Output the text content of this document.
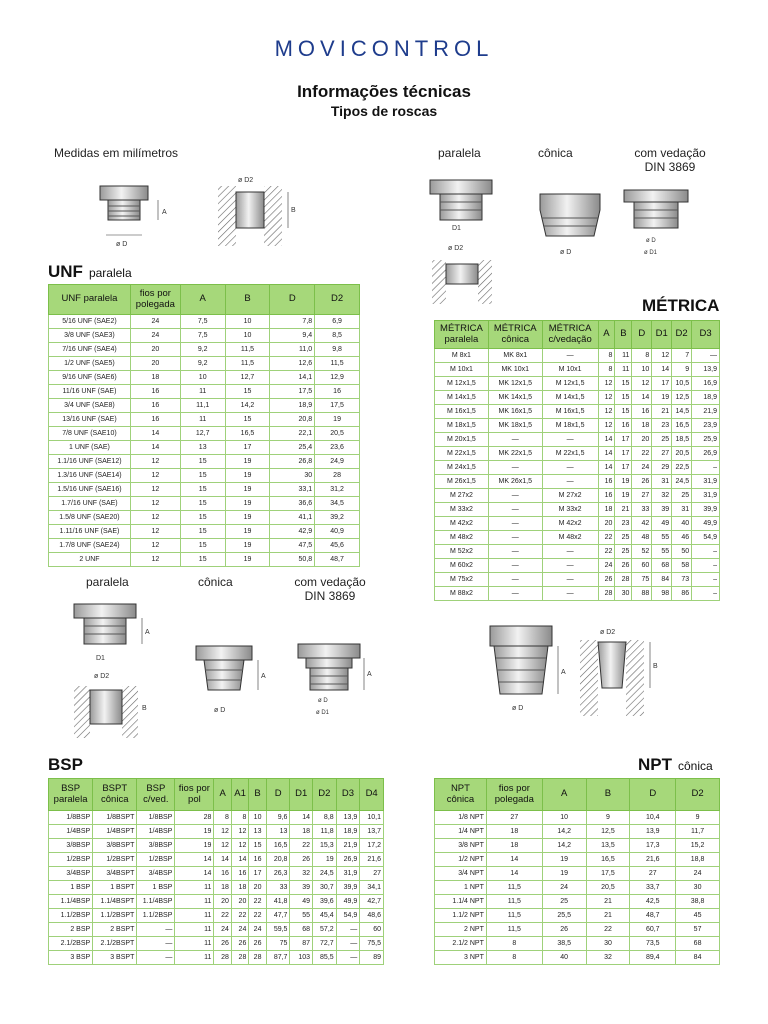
MOVICONTROL
Informações técnicas
Tipos de roscas
Medidas em milímetros	paralela	cônica	com vedação
DIN 3869
ø D
A
ø D2
B
D1
ø D2
ø D
ø D
ø D1
UNF paralela
UNF paralela	fios por polegada	A	B	D	D2
5/16 UNF (SAE2)	24	7,5	10	7,8	6,9
3/8 UNF (SAE3)	24	7,5	10	9,4	8,5
7/16 UNF (SAE4)	20	9,2	11,5	11,0	9,8
1/2 UNF (SAE5)	20	9,2	11,5	12,6	11,5
9/16 UNF (SAE6)	18	10	12,7	14,1	12,9
11/16 UNF (SAE)	16	11	15	17,5	16
3/4 UNF (SAE8)	16	11,1	14,2	18,9	17,5
13/16 UNF (SAE)	16	11	15	20,8	19
7/8 UNF (SAE10)	14	12,7	16,5	22,1	20,5
1 UNF (SAE)	14	13	17	25,4	23,6
1.1/16 UNF (SAE12)	12	15	19	26,8	24,9
1.3/16 UNF (SAE14)	12	15	19	30	28
1.5/16 UNF (SAE16)	12	15	19	33,1	31,2
1.7/16 UNF (SAE)	12	15	19	36,6	34,5
1.5/8 UNF (SAE20)	12	15	19	41,1	39,2
1.11/16 UNF (SAE)	12	15	19	42,9	40,9
1.7/8 UNF (SAE24)	12	15	19	47,5	45,6
2 UNF	12	15	19	50,8	48,7
MÉTRICA
MÉTRICA paralela	MÉTRICA cônica	MÉTRICA c/vedação	A	B	D	D1	D2	D3
M 8x1	MK 8x1	—	8	11	8	12	7	—
M 10x1	MK 10x1	M 10x1	8	11	10	14	9	13,9
M 12x1,5	MK 12x1,5	M 12x1,5	12	15	12	17	10,5	16,9
M 14x1,5	MK 14x1,5	M 14x1,5	12	15	14	19	12,5	18,9
M 16x1,5	MK 16x1,5	M 16x1,5	12	15	16	21	14,5	21,9
M 18x1,5	MK 18x1,5	M 18x1,5	12	16	18	23	16,5	23,9
M 20x1,5	—	—	14	17	20	25	18,5	25,9
M 22x1,5	MK 22x1,5	M 22x1,5	14	17	22	27	20,5	26,9
M 24x1,5	—	—	14	17	24	29	22,5	–
M 26x1,5	MK 26x1,5	—	16	19	26	31	24,5	31,9
M 27x2	—	M 27x2	16	19	27	32	25	31,9
M 33x2	—	M 33x2	18	21	33	39	31	39,9
M 42x2	—	M 42x2	20	23	42	49	40	49,9
M 48x2	—	M 48x2	22	25	48	55	46	54,9
M 52x2	—	—	22	25	52	55	50	–
M 60x2	—	—	24	26	60	68	58	–
M 75x2	—	—	26	28	75	84	73	–
M 88x2	—	—	28	30	88	98	86	–
paralela	cônica	com vedação
DIN 3869
A
D1
ø D2
B
A
ø D
A
ø D
ø D1
A
ø D
ø D2
B
BSP
BSP paralela	BSPT cônica	BSP c/ved.	fios por pol	A	A1	B	D	D1	D2	D3	D4
1/8BSP	1/8BSPT	1/8BSP	28	8	8	10	9,6	14	8,8	13,9	10,1
1/4BSP	1/4BSPT	1/4BSP	19	12	12	13	13	18	11,8	18,9	13,7
3/8BSP	3/8BSPT	3/8BSP	19	12	12	15	16,5	22	15,3	21,9	17,2
1/2BSP	1/2BSPT	1/2BSP	14	14	14	16	20,8	26	19	26,9	21,6
3/4BSP	3/4BSPT	3/4BSP	14	16	16	17	26,3	32	24,5	31,9	27
1 BSP	1 BSPT	1 BSP	11	18	18	20	33	39	30,7	39,9	34,1
1.1/4BSP	1.1/4BSPT	1.1/4BSP	11	20	20	22	41,8	49	39,6	49,9	42,7
1.1/2BSP	1.1/2BSPT	1.1/2BSP	11	22	22	22	47,7	55	45,4	54,9	48,6
2 BSP	2 BSPT	—	11	24	24	24	59,5	68	57,2	—	60
2.1/2BSP	2.1/2BSPT	—	11	26	26	26	75	87	72,7	—	75,5
3 BSP	3 BSPT	—	11	28	28	28	87,7	103	85,5	—	89
NPT cônica
NPT cônica	fios por polegada	A	B	D	D2
1/8 NPT	27	10	9	10,4	9
1/4 NPT	18	14,2	12,5	13,9	11,7
3/8 NPT	18	14,2	13,5	17,3	15,2
1/2 NPT	14	19	16,5	21,6	18,8
3/4 NPT	14	19	17,5	27	24
1 NPT	11,5	24	20,5	33,7	30
1.1/4 NPT	11,5	25	21	42,5	38,8
1.1/2 NPT	11,5	25,5	21	48,7	45
2 NPT	11,5	26	22	60,7	57
2.1/2 NPT	8	38,5	30	73,5	68
3 NPT	8	40	32	89,4	84
